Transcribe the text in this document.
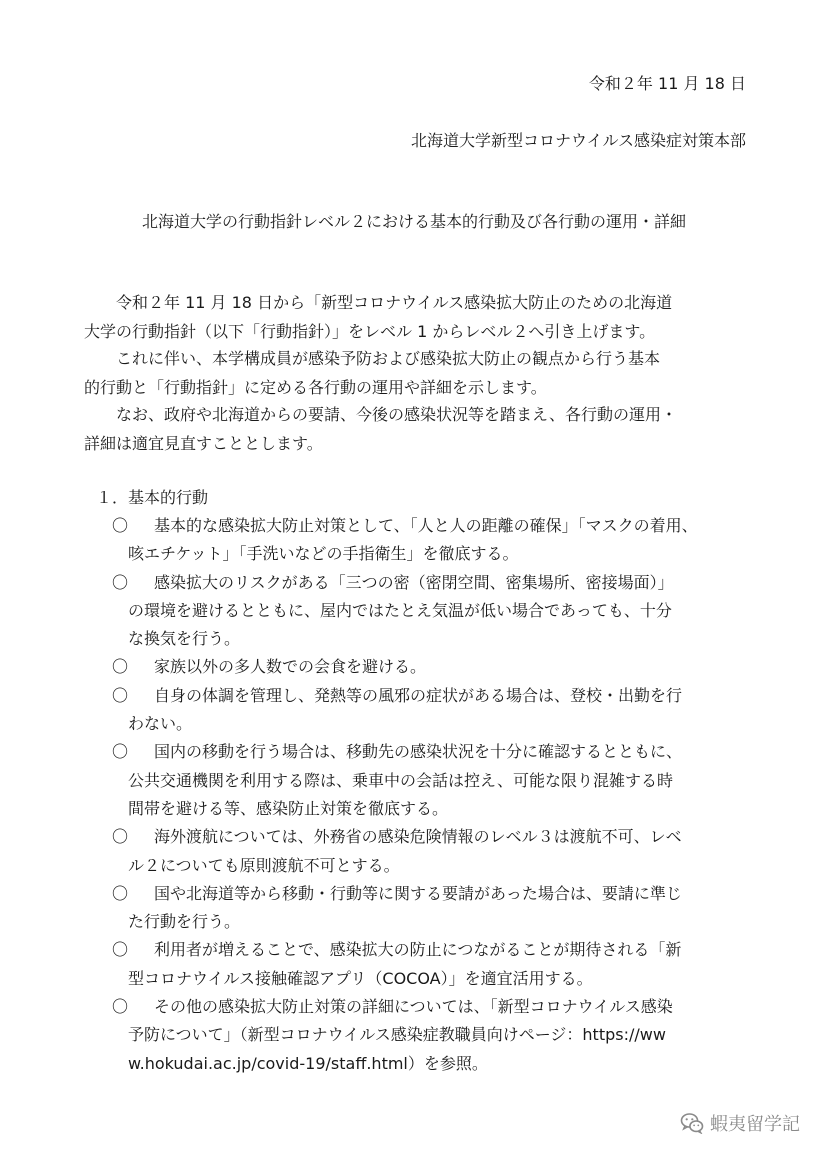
令和２年 11 月 18 日
北海道大学新型コロナウイルス感染症対策本部
北海道大学の行動指針レベル２における基本的行動及び各行動の運用・詳細
令和２年 11 月 18 日から「新型コロナウイルス感染拡大防止のための北海道
大学の行動指針（以下「行動指針）」をレベル 1 からレベル２へ引き上げます。
これに伴い、本学構成員が感染予防および感染拡大防止の観点から行う基本
的行動と「行動指針」に定める各行動の運用や詳細を示します。
なお、政府や北海道からの要請、今後の感染状況等を踏まえ、各行動の運用・
詳細は適宜見直すこととします。
１．基本的行動
〇	基本的な感染拡大防止対策として、「人と人の距離の確保」「マスクの着用、
咳エチケット」「手洗いなどの手指衛生」を徹底する。
〇	感染拡大のリスクがある「三つの密（密閉空間、密集場所、密接場面）」
の環境を避けるとともに、屋内ではたとえ気温が低い場合であっても、十分
な換気を行う。
〇	家族以外の多人数での会食を避ける。
〇	自身の体調を管理し、発熱等の風邪の症状がある場合は、登校・出勤を行
わない。
〇	国内の移動を行う場合は、移動先の感染状況を十分に確認するとともに、
公共交通機関を利用する際は、乗車中の会話は控え、可能な限り混雑する時
間帯を避ける等、感染防止対策を徹底する。
〇	海外渡航については、外務省の感染危険情報のレベル３は渡航不可、レベ
ル２についても原則渡航不可とする。
〇	国や北海道等から移動・行動等に関する要請があった場合は、要請に準じ
た行動を行う。
〇	利用者が増えることで、感染拡大の防止につながることが期待される「新
型コロナウイルス接触確認アプリ（COCOA）」を適宜活用する。
〇	その他の感染拡大防止対策の詳細については、「新型コロナウイルス感染
予防について」（新型コロナウイルス感染症教職員向けページ：https://ww
w.hokudai.ac.jp/covid-19/staff.html）を参照。
蝦夷留学記
